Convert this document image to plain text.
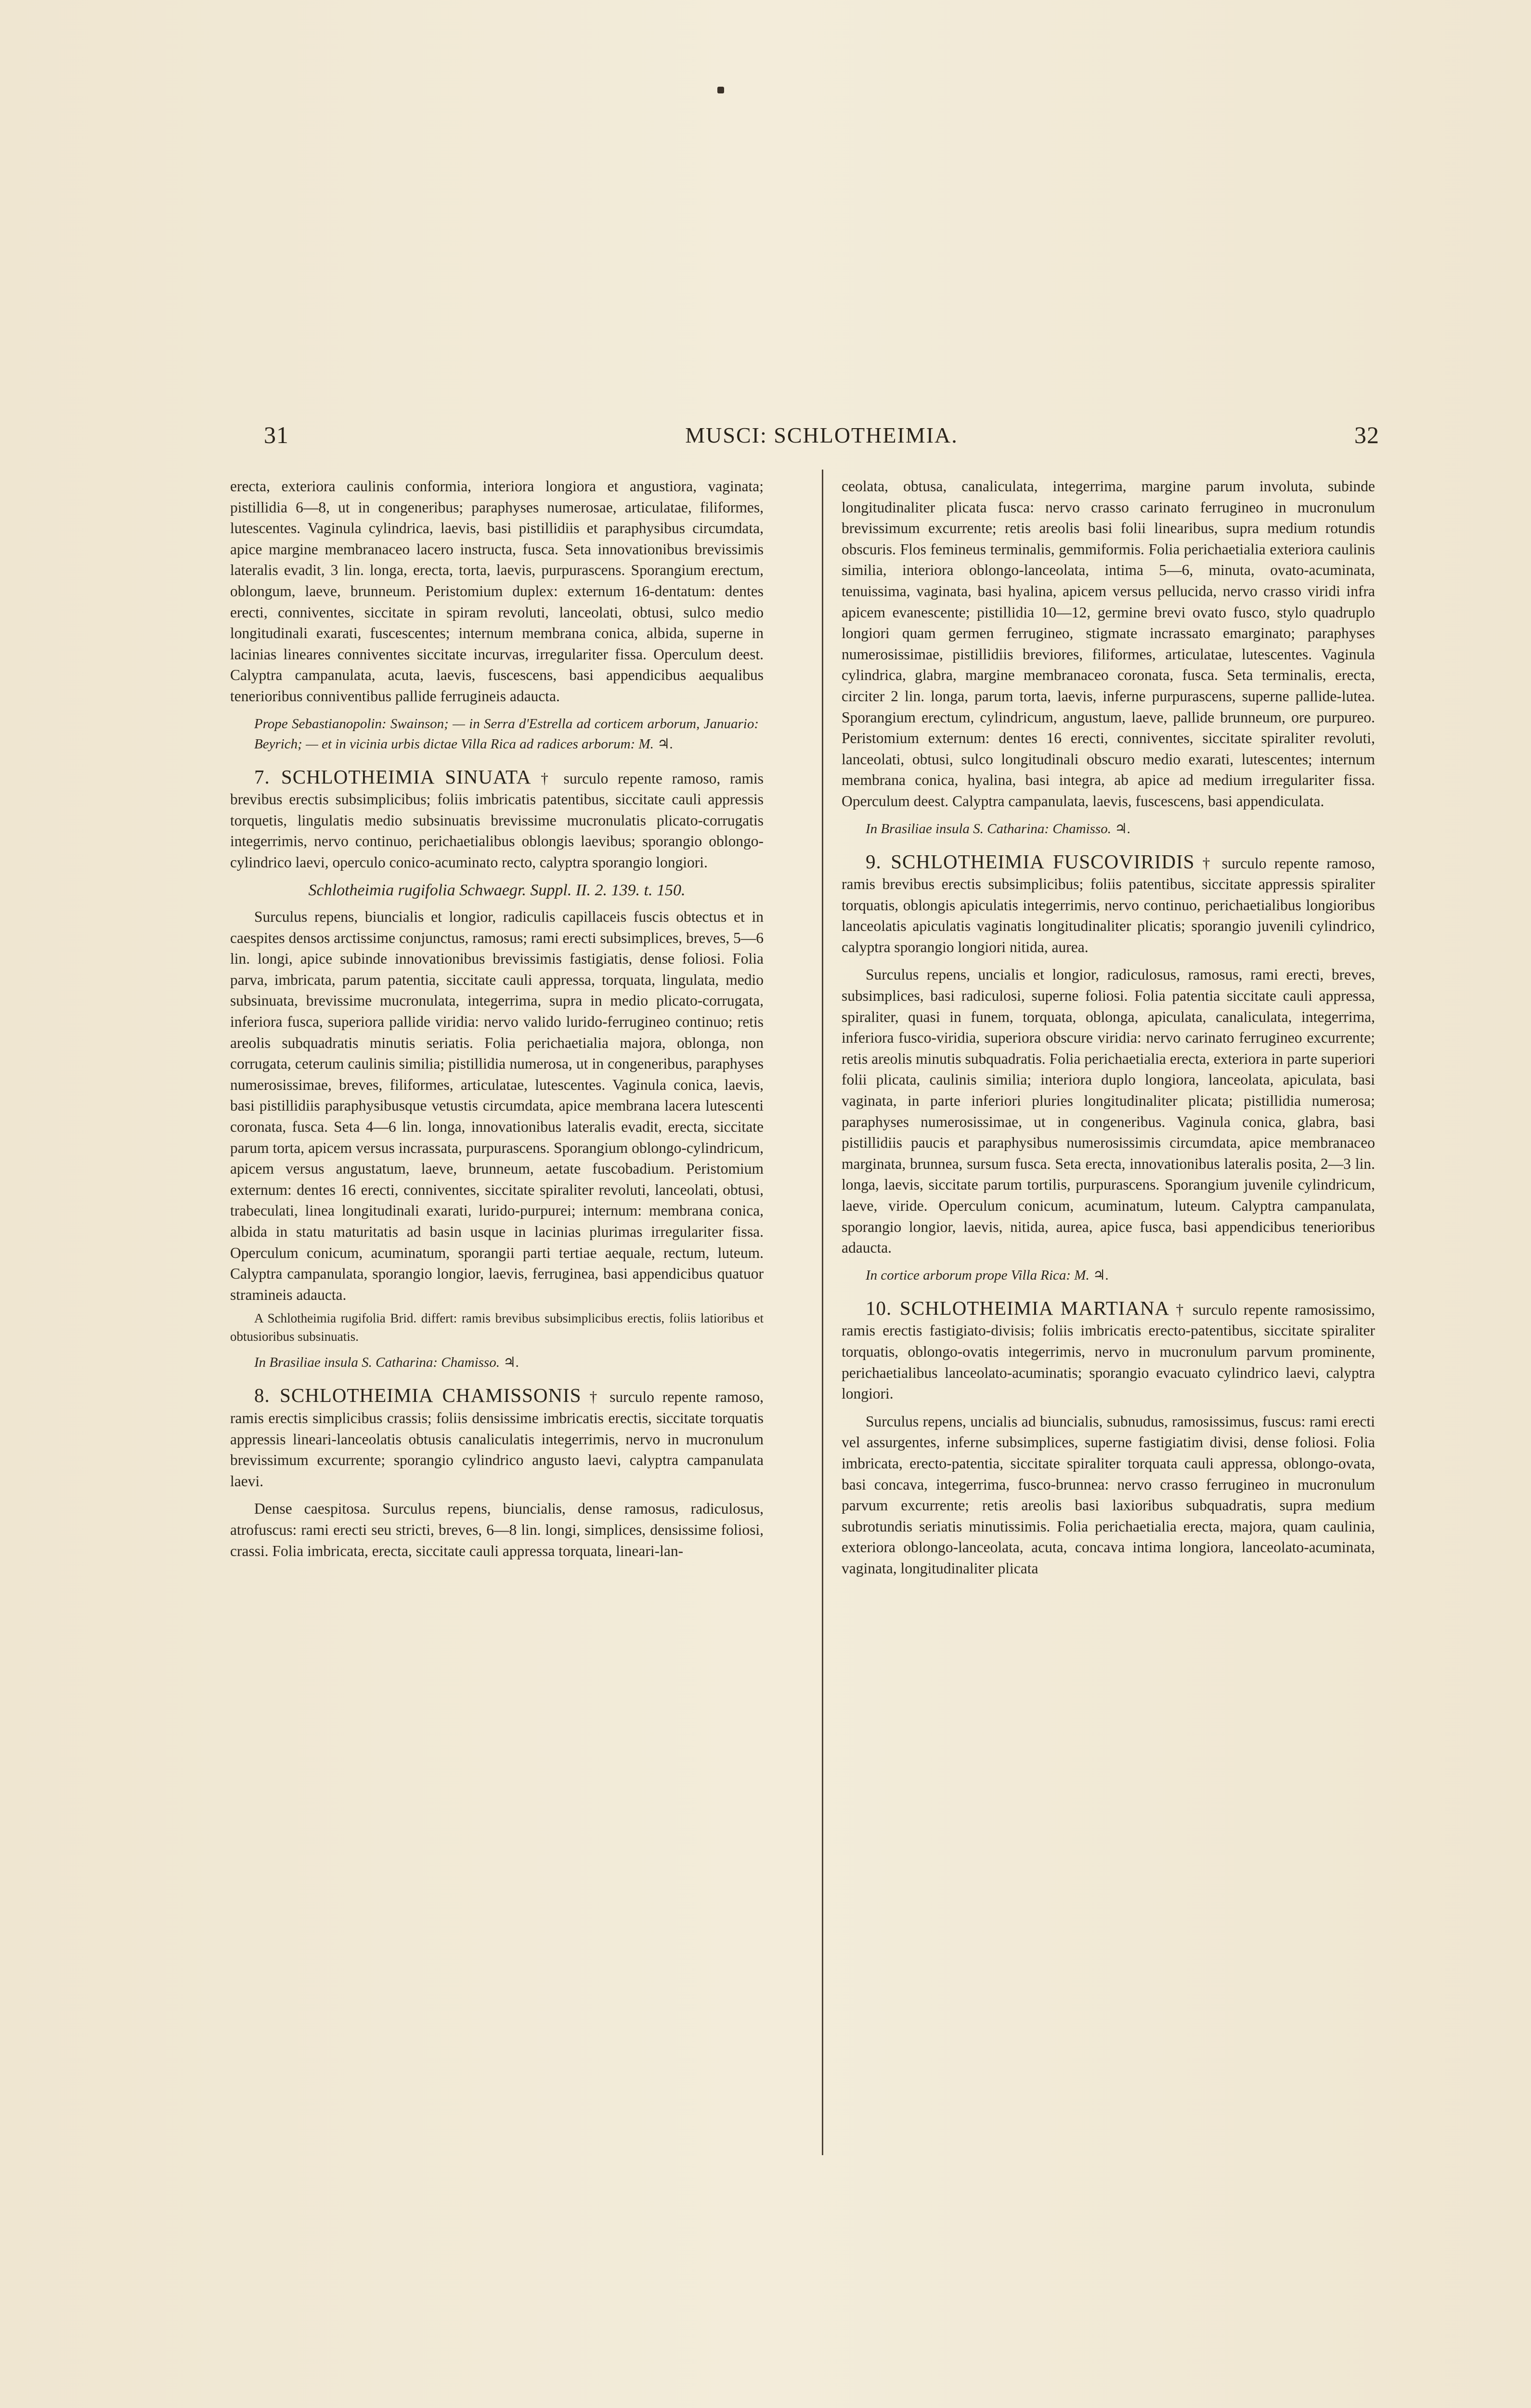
31	MUSCI: SCHLOTHEIMIA.	32

erecta, exteriora caulinis conformia, interiora longiora et angustiora, vaginata; pistillidia 6—8, ut in congeneribus; paraphyses numerosae, articulatae, filiformes, lutescentes. Vaginula cylindrica, laevis, basi pistillidiis et paraphysibus circumdata, apice margine membranaceo lacero instructa, fusca. Seta innovationibus brevissimis lateralis evadit, 3 lin. longa, erecta, torta, laevis, purpurascens. Sporangium erectum, oblongum, laeve, brunneum. Peristomium duplex: externum 16-dentatum: dentes erecti, conniventes, siccitate in spiram revoluti, lanceolati, obtusi, sulco medio longitudinali exarati, fuscescentes; internum membrana conica, albida, superne in lacinias lineares conniventes siccitate incurvas, irregulariter fissa. Operculum deest. Calyptra campanulata, acuta, laevis, fuscescens, basi appendicibus aequalibus tenerioribus conniventibus pallide ferrugineis adaucta.

Prope Sebastianopolin: Swainson; — in Serra d'Estrella ad corticem arborum, Januario: Beyrich; — et in vicinia urbis dictae Villa Rica ad radices arborum: M. ♃.

7. SCHLOTHEIMIA SINUATA † surculo repente ramoso, ramis brevibus erectis subsimplicibus; foliis imbricatis patentibus, siccitate cauli appressis torquetis, lingulatis medio subsinuatis brevissime mucronulatis plicato-corrugatis integerrimis, nervo continuo, perichaetialibus oblongis laevibus; sporangio oblongo-cylindrico laevi, operculo conico-acuminato recto, calyptra sporangio longiori.

Schlotheimia rugifolia Schwaegr. Suppl. II. 2. 139. t. 150.

Surculus repens, biuncialis et longior, radiculis capillaceis fuscis obtectus et in caespites densos arctissime conjunctus, ramosus; rami erecti subsimplices, breves, 5—6 lin. longi, apice subinde innovationibus brevissimis fastigiatis, dense foliosi. Folia parva, imbricata, parum patentia, siccitate cauli appressa, torquata, lingulata, medio subsinuata, brevissime mucronulata, integerrima, supra in medio plicato-corrugata, inferiora fusca, superiora pallide viridia: nervo valido lurido-ferrugineo continuo; retis areolis subquadratis minutis seriatis. Folia perichaetialia majora, oblonga, non corrugata, ceterum caulinis similia; pistillidia numerosa, ut in congeneribus, paraphyses numerosissimae, breves, filiformes, articulatae, lutescentes. Vaginula conica, laevis, basi pistillidiis paraphysibusque vetustis circumdata, apice membrana lacera lutescenti coronata, fusca. Seta 4—6 lin. longa, innovationibus lateralis evadit, erecta, siccitate parum torta, apicem versus incrassata, purpurascens. Sporangium oblongo-cylindricum, apicem versus angustatum, laeve, brunneum, aetate fuscobadium. Peristomium externum: dentes 16 erecti, conniventes, siccitate spiraliter revoluti, lanceolati, obtusi, trabeculati, linea longitudinali exarati, lurido-purpurei; internum: membrana conica, albida in statu maturitatis ad basin usque in lacinias plurimas irregulariter fissa. Operculum conicum, acuminatum, sporangii parti tertiae aequale, rectum, luteum. Calyptra campanulata, sporangio longior, laevis, ferruginea, basi appendicibus quatuor stramineis adaucta.

A Schlotheimia rugifolia Brid. differt: ramis brevibus subsimplicibus erectis, foliis latioribus et obtusioribus subsinuatis.

In Brasiliae insula S. Catharina: Chamisso. ♃.

8. SCHLOTHEIMIA CHAMISSONIS † surculo repente ramoso, ramis erectis simplicibus crassis; foliis densissime imbricatis erectis, siccitate torquatis appressis lineari-lanceolatis obtusis canaliculatis integerrimis, nervo in mucronulum brevissimum excurrente; sporangio cylindrico angusto laevi, calyptra campanulata laevi.

Dense caespitosa. Surculus repens, biuncialis, dense ramosus, radiculosus, atrofuscus: rami erecti seu stricti, breves, 6—8 lin. longi, simplices, densissime foliosi, crassi. Folia imbricata, erecta, siccitate cauli appressa torquata, lineari-lan-

ceolata, obtusa, canaliculata, integerrima, margine parum involuta, subinde longitudinaliter plicata fusca: nervo crasso carinato ferrugineo in mucronulum brevissimum excurrente; retis areolis basi folii linearibus, supra medium rotundis obscuris. Flos femineus terminalis, gemmiformis. Folia perichaetialia exteriora caulinis similia, interiora oblongo-lanceolata, intima 5—6, minuta, ovato-acuminata, tenuissima, vaginata, basi hyalina, apicem versus pellucida, nervo crasso viridi infra apicem evanescente; pistillidia 10—12, germine brevi ovato fusco, stylo quadruplo longiori quam germen ferrugineo, stigmate incrassato emarginato; paraphyses numerosissimae, pistillidiis breviores, filiformes, articulatae, lutescentes. Vaginula cylindrica, glabra, margine membranaceo coronata, fusca. Seta terminalis, erecta, circiter 2 lin. longa, parum torta, laevis, inferne purpurascens, superne pallide-lutea. Sporangium erectum, cylindricum, angustum, laeve, pallide brunneum, ore purpureo. Peristomium externum: dentes 16 erecti, conniventes, siccitate spiraliter revoluti, lanceolati, obtusi, sulco longitudinali obscuro medio exarati, lutescentes; internum membrana conica, hyalina, basi integra, ab apice ad medium irregulariter fissa. Operculum deest. Calyptra campanulata, laevis, fuscescens, basi appendiculata.

In Brasiliae insula S. Catharina: Chamisso. ♃.

9. SCHLOTHEIMIA FUSCOVIRIDIS † surculo repente ramoso, ramis brevibus erectis subsimplicibus; foliis patentibus, siccitate appressis spiraliter torquatis, oblongis apiculatis integerrimis, nervo continuo, perichaetialibus longioribus lanceolatis apiculatis vaginatis longitudinaliter plicatis; sporangio juvenili cylindrico, calyptra sporangio longiori nitida, aurea.

Surculus repens, uncialis et longior, radiculosus, ramosus, rami erecti, breves, subsimplices, basi radiculosi, superne foliosi. Folia patentia siccitate cauli appressa, spiraliter, quasi in funem, torquata, oblonga, apiculata, canaliculata, integerrima, inferiora fusco-viridia, superiora obscure viridia: nervo carinato ferrugineo excurrente; retis areolis minutis subquadratis. Folia perichaetialia erecta, exteriora in parte superiori folii plicata, caulinis similia; interiora duplo longiora, lanceolata, apiculata, basi vaginata, in parte inferiori pluries longitudinaliter plicata; pistillidia numerosa; paraphyses numerosissimae, ut in congeneribus. Vaginula conica, glabra, basi pistillidiis paucis et paraphysibus numerosissimis circumdata, apice membranaceo marginata, brunnea, sursum fusca. Seta erecta, innovationibus lateralis posita, 2—3 lin. longa, laevis, siccitate parum tortilis, purpurascens. Sporangium juvenile cylindricum, laeve, viride. Operculum conicum, acuminatum, luteum. Calyptra campanulata, sporangio longior, laevis, nitida, aurea, apice fusca, basi appendicibus tenerioribus adaucta.

In cortice arborum prope Villa Rica: M. ♃.

10. SCHLOTHEIMIA MARTIANA † surculo repente ramosissimo, ramis erectis fastigiato-divisis; foliis imbricatis erecto-patentibus, siccitate spiraliter torquatis, oblongo-ovatis integerrimis, nervo in mucronulum parvum prominente, perichaetialibus lanceolato-acuminatis; sporangio evacuato cylindrico laevi, calyptra longiori.

Surculus repens, uncialis ad biuncialis, subnudus, ramosissimus, fuscus: rami erecti vel assurgentes, inferne subsimplices, superne fastigiatim divisi, dense foliosi. Folia imbricata, erecto-patentia, siccitate spiraliter torquata cauli appressa, oblongo-ovata, basi concava, integerrima, fusco-brunnea: nervo crasso ferrugineo in mucronulum parvum excurrente; retis areolis basi laxioribus subquadratis, supra medium subrotundis seriatis minutissimis. Folia perichaetialia erecta, majora, quam caulinia, exteriora oblongo-lanceolata, acuta, concava intima longiora, lanceolato-acuminata, vaginata, longitudinaliter plicata
